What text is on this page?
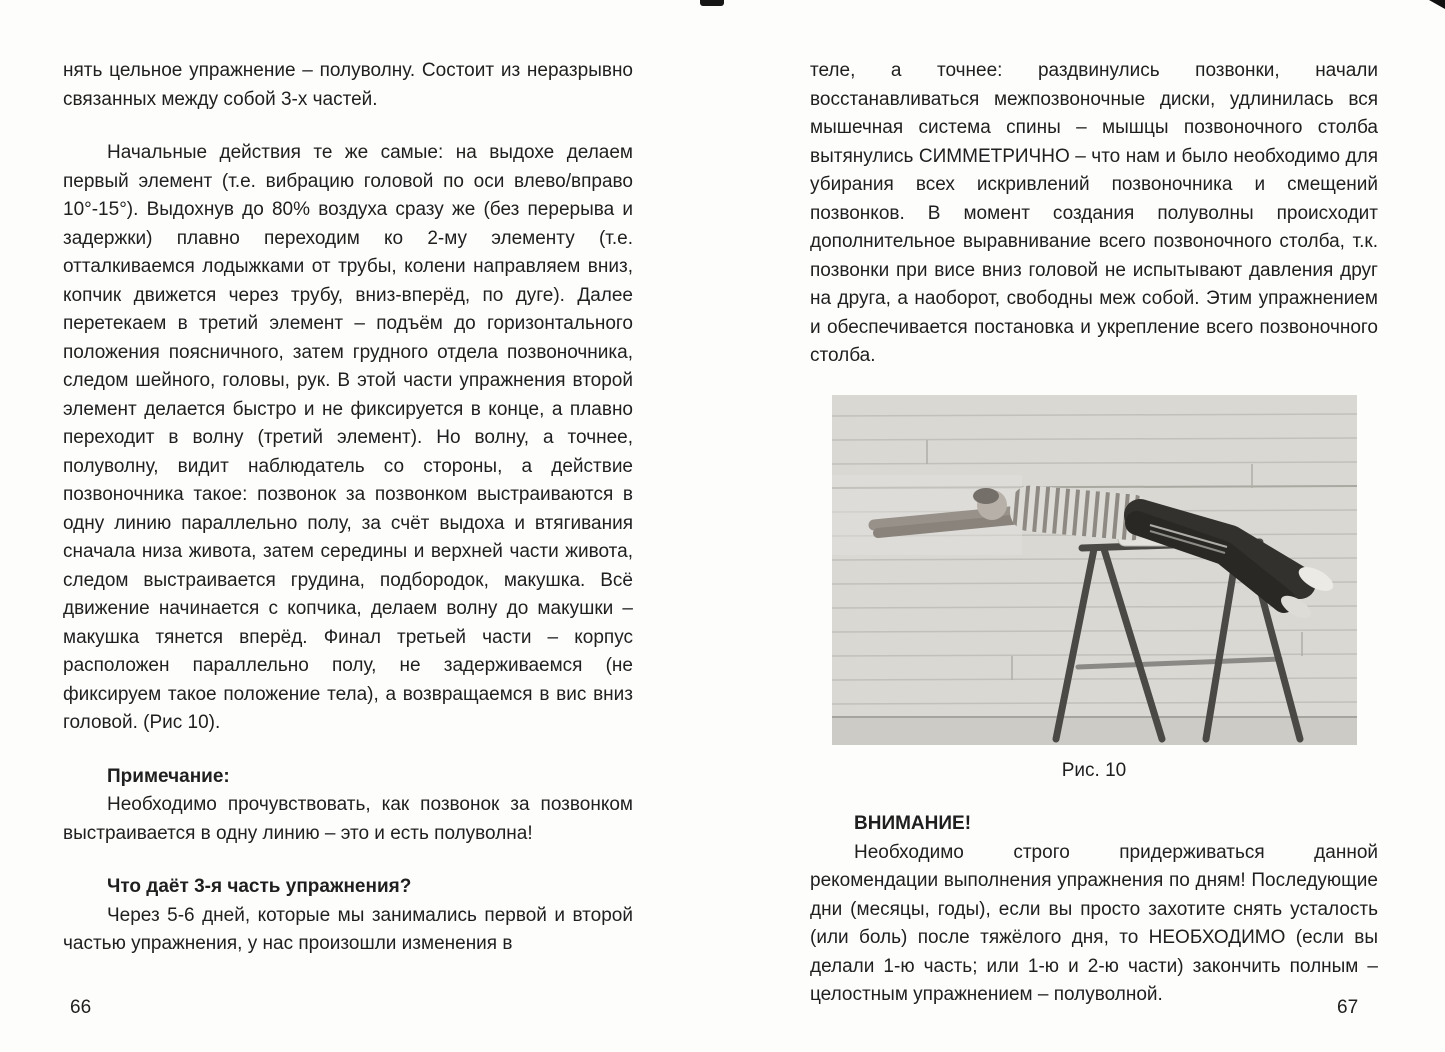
нять цельное упражнение – полуволну. Состоит из неразрывно связанных между собой 3-х частей.

Начальные действия те же самые: на выдохе делаем первый элемент (т.е. вибрацию головой по оси влево/вправо 10°-15°). Выдохнув до 80% воздуха сразу же (без перерыва и задержки) плавно переходим ко 2-му элементу (т.е. отталкиваемся лодыжками от трубы, колени направляем вниз, копчик движется через трубу, вниз-вперёд, по дуге). Далее перетекаем в третий элемент – подъём до горизонтального положения поясничного, затем грудного отдела позвоночника, следом шейного, головы, рук. В этой части упражнения второй элемент делается быстро и не фиксируется в конце, а плавно переходит в волну (третий элемент). Но волну, а точнее, полуволну, видит наблюдатель со стороны, а действие позвоночника такое: позвонок за позвонком выстраиваются в одну линию параллельно полу, за счёт выдоха и втягивания сначала низа живота, затем середины и верхней части живота, следом выстраивается грудина, подбородок, макушка. Всё движение начинается с копчика, делаем волну до макушки – макушка тянется вперёд. Финал третьей части – корпус расположен параллельно полу, не задерживаемся (не фиксируем такое положение тела), а возвращаемся в вис вниз головой. (Рис 10).

Примечание:

Необходимо прочувствовать, как позвонок за позвонком выстраивается в одну линию – это и есть полуволна!

Что даёт 3-я часть упражнения?

Через 5-6 дней, которые мы занимались первой и второй частью упражнения, у нас произошли изменения в

теле, а точнее: раздвинулись позвонки, начали восстанавливаться межпозвоночные диски, удлинилась вся мышечная система спины – мышцы позвоночного столба вытянулись СИММЕТРИЧНО – что нам и было необходимо для убирания всех искривлений позвоночника и смещений позвонков. В момент создания полуволны происходит дополнительное выравнивание всего позвоночного столба, т.к. позвонки при висе вниз головой не испытывают давления друг на друга, а наоборот, свободны меж собой. Этим упражнением и обеспечивается постановка и укрепление всего позвоночного столба.

Рис. 10

ВНИМАНИЕ!

Необходимо строго придерживаться данной рекомендации выполнения упражнения по дням! Последующие дни (месяцы, годы), если вы просто захотите снять усталость (или боль) после тяжёлого дня, то НЕОБХОДИМО (если вы делали 1-ю часть; или 1-ю и 2-ю части) закончить полным – целостным упражнением – полуволной.

66	67
